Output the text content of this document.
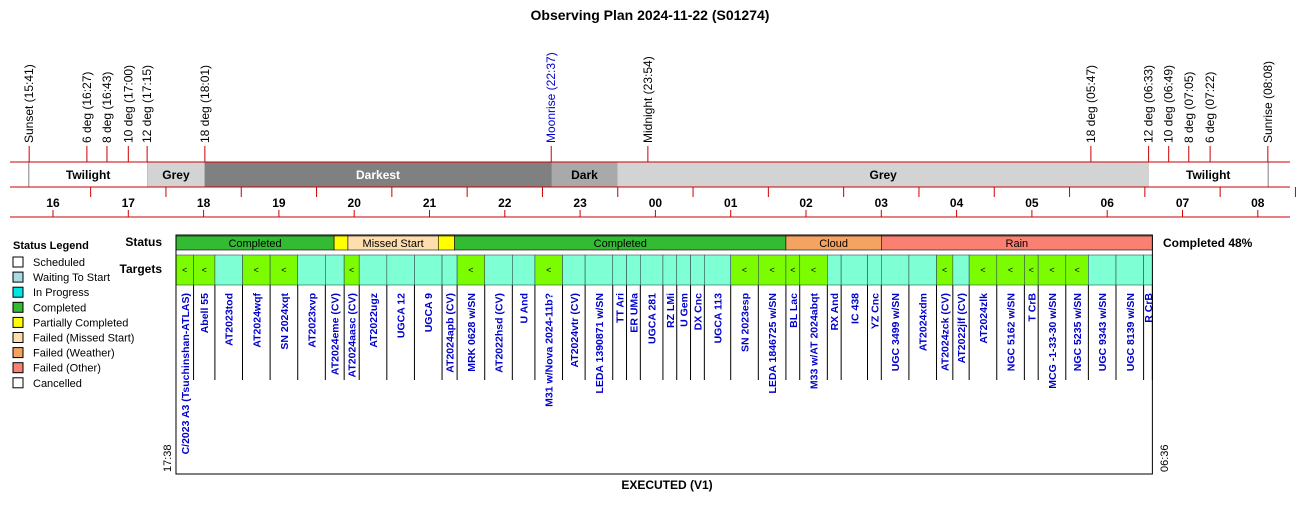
Observing Plan 2024-11-22 (S01274)
Sunset (15:41)	6 deg (16:27) 8 deg (16:43) 10 deg (17:00) 12 deg (17:15)	18 deg (18:01)	Moonrise (22:37)	Midnight (23:54)	18 deg (05:47)	12 deg (06:33) 10 deg (06:49) 8 deg (07:05) 6 deg (07:22)	Sunrise (08:08)
Twilight	Grey	Darkest	Dark	Grey	Twilight
16	17	18	19	20	21	22	23	00	01	02	03	04	05	06	07	08
Status Legend
Scheduled
Waiting To Start
In Progress
Completed
Partially Completed
Failed (Missed Start)
Failed (Weather)
Failed (Other)
Cancelled
Status
Targets
Completed 48%
Completed	Missed Start	Completed	Cloud	Rain
<
C/2023 A3 (Tsuchinshan-ATLAS)
<
Abell 55 AT2023tod
<
AT2024wqf
<
SN 2024xqt AT2023xvp AT2024eme (CV)
<
AT2024aasc (CV) AT2022ugz UGCA 12 UGCA 9 AT2024apb (CV)
<
MRK 0628 w/SN AT2022hsd (CV) U And
<
M31 w/Nova 2024-11b? AT2024vtr (CV) LEDA 1390871 w/SN TT Ari ER UMa UGCA 281 RZ LMi U Gem DX Cnc UGCA 113
<
SN 2023esp
<
LEDA 1846725 w/SN
<
BL Lac
<
M33 w/AT 2024abqt RX And IC 438 YZ Cnc UGC 3499 w/SN AT2024xdm
<
AT2024zck (CV) AT2022jlf (CV)
<
AT2024zlk
<
NGC 5162 w/SN
<
T CrB
<
MCG -1-33-30 w/SN
<
NGC 5235 w/SN UGC 9343 w/SN UGC 8139 w/SN R CrB
17:38	06:36
EXECUTED (V1)
